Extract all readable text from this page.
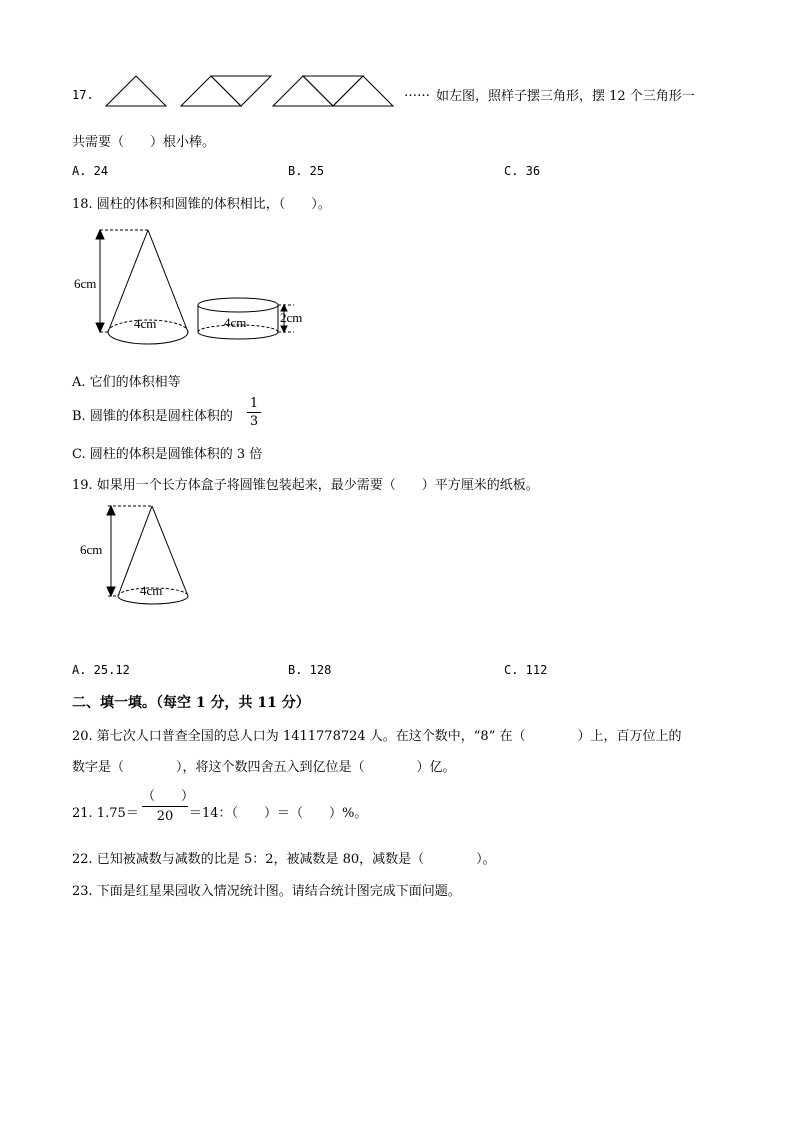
17.	…… 如左图，照样子摆三角形，摆 12 个三角形一
共需要（　　）根小棒。
A. 24	B. 25	C. 36
18. 圆柱的体积和圆锥的体积相比，（　　）。
6cm
4cm	4cm	2cm
A. 它们的体积相等
B. 圆锥的体积是圆柱体积的
1
3
C. 圆柱的体积是圆锥体积的 3 倍
19. 如果用一个长方体盒子将圆锥包装起来，最少需要（　　）平方厘米的纸板。
6cm
4cm
A. 25.12	B. 128	C. 112
二、填一填。（每空 1 分，共 11 分）
20. 第七次人口普查全国的总人口为 1411778724 人。在这个数中，“8” 在（　　　　）上，百万位上的
数字是（　　　　），将这个数四舍五入到亿位是（　　　　）亿。
21. 1.75＝
（　　）
20	＝14：（　　）＝（　　）%。
22. 已知被减数与减数的比是 5：2，被减数是 80，减数是（　　　　）。
23. 下面是红星果园收入情况统计图。请结合统计图完成下面问题。
